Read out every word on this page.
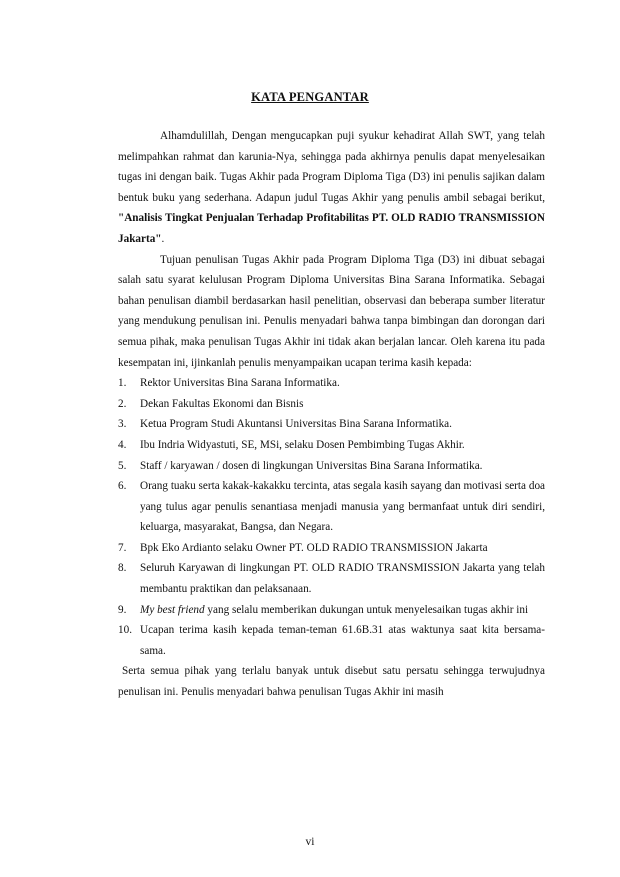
KATA PENGANTAR

Alhamdulillah, Dengan mengucapkan puji syukur kehadirat Allah SWT, yang telah melimpahkan rahmat dan karunia-Nya, sehingga pada akhirnya penulis dapat menyelesaikan tugas ini dengan baik. Tugas Akhir pada Program Diploma Tiga (D3) ini penulis sajikan dalam bentuk buku yang sederhana. Adapun judul Tugas Akhir yang penulis ambil sebagai berikut, "Analisis Tingkat Penjualan Terhadap Profitabilitas PT. OLD RADIO TRANSMISSION Jakarta".

Tujuan penulisan Tugas Akhir pada Program Diploma Tiga (D3) ini dibuat sebagai salah satu syarat kelulusan Program Diploma Universitas Bina Sarana Informatika. Sebagai bahan penulisan diambil berdasarkan hasil penelitian, observasi dan beberapa sumber literatur yang mendukung penulisan ini. Penulis menyadari bahwa tanpa bimbingan dan dorongan dari semua pihak, maka penulisan Tugas Akhir ini tidak akan berjalan lancar. Oleh karena itu pada kesempatan ini, ijinkanlah penulis menyampaikan ucapan terima kasih kepada:

1. Rektor Universitas Bina Sarana Informatika.
2. Dekan Fakultas Ekonomi dan Bisnis
3. Ketua Program Studi Akuntansi Universitas Bina Sarana Informatika.
4. Ibu Indria Widyastuti, SE, MSi, selaku Dosen Pembimbing Tugas Akhir.
5. Staff / karyawan / dosen di lingkungan Universitas Bina Sarana Informatika.
6. Orang tuaku serta kakak-kakakku tercinta, atas segala kasih sayang dan motivasi serta doa yang tulus agar penulis senantiasa menjadi manusia yang bermanfaat untuk diri sendiri, keluarga, masyarakat, Bangsa, dan Negara.
7. Bpk Eko Ardianto selaku Owner PT. OLD RADIO TRANSMISSION Jakarta
8. Seluruh Karyawan di lingkungan PT. OLD RADIO TRANSMISSION Jakarta yang telah membantu praktikan dan pelaksanaan.
9. My best friend yang selalu memberikan dukungan untuk menyelesaikan tugas akhir ini
10. Ucapan terima kasih kepada teman-teman 61.6B.31 atas waktunya saat kita bersama-sama.

Serta semua pihak yang terlalu banyak untuk disebut satu persatu sehingga terwujudnya penulisan ini. Penulis menyadari bahwa penulisan Tugas Akhir ini masih

vi
